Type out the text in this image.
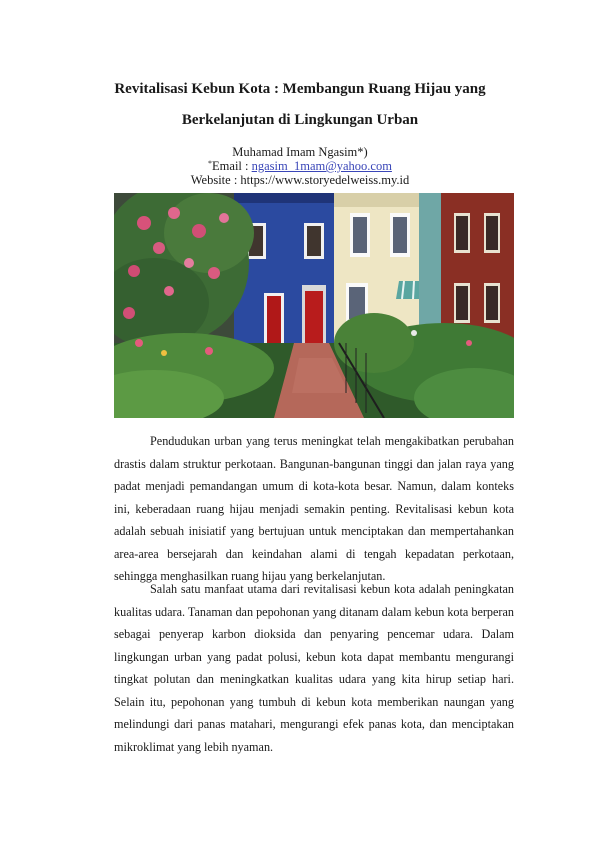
Revitalisasi Kebun Kota : Membangun Ruang Hijau yang
Berkelanjutan di Lingkungan Urban
Muhamad Imam Ngasim*)
*Email : ngasim_1mam@yahoo.com
Website : https://www.storyedelweiss.my.id
Pendudukan urban yang terus meningkat telah mengakibatkan perubahan drastis dalam struktur perkotaan. Bangunan-bangunan tinggi dan jalan raya yang padat menjadi pemandangan umum di kota-kota besar. Namun, dalam konteks ini, keberadaan ruang hijau menjadi semakin penting. Revitalisasi kebun kota adalah sebuah inisiatif yang bertujuan untuk menciptakan dan mempertahankan area-area bersejarah dan keindahan alami di tengah kepadatan perkotaan, sehingga menghasilkan ruang hijau yang berkelanjutan.
Salah satu manfaat utama dari revitalisasi kebun kota adalah peningkatan kualitas udara. Tanaman dan pepohonan yang ditanam dalam kebun kota berperan sebagai penyerap karbon dioksida dan penyaring pencemar udara. Dalam lingkungan urban yang padat polusi, kebun kota dapat membantu mengurangi tingkat polutan dan meningkatkan kualitas udara yang kita hirup setiap hari. Selain itu, pepohonan yang tumbuh di kebun kota memberikan naungan yang melindungi dari panas matahari, mengurangi efek panas kota, dan menciptakan mikroklimat yang lebih nyaman.
